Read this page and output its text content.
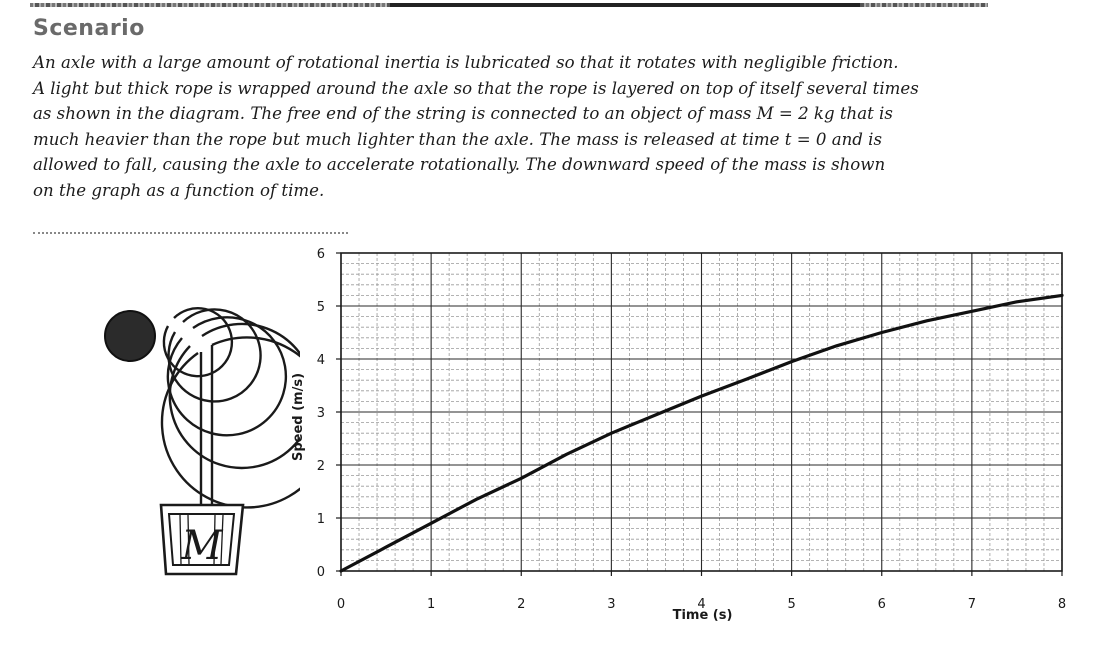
Scenario

An axle with a large amount of rotational inertia is lubricated so that it rotates with negligible friction.
A light but thick rope is wrapped around the axle so that the rope is layered on top of itself several times
as shown in the diagram. The free end of the string is connected to an object of mass M = 2 kg that is
much heavier than the rope but much lighter than the axle. The mass is released at time t = 0 and is
allowed to fall, causing the axle to accelerate rotationally. The downward speed of the mass is shown
on the graph as a function of time.

M
0	1	2	3	4	5	6	7	8
0
1
2
3
4
5
6
Time (s)
Speed (m/s)
